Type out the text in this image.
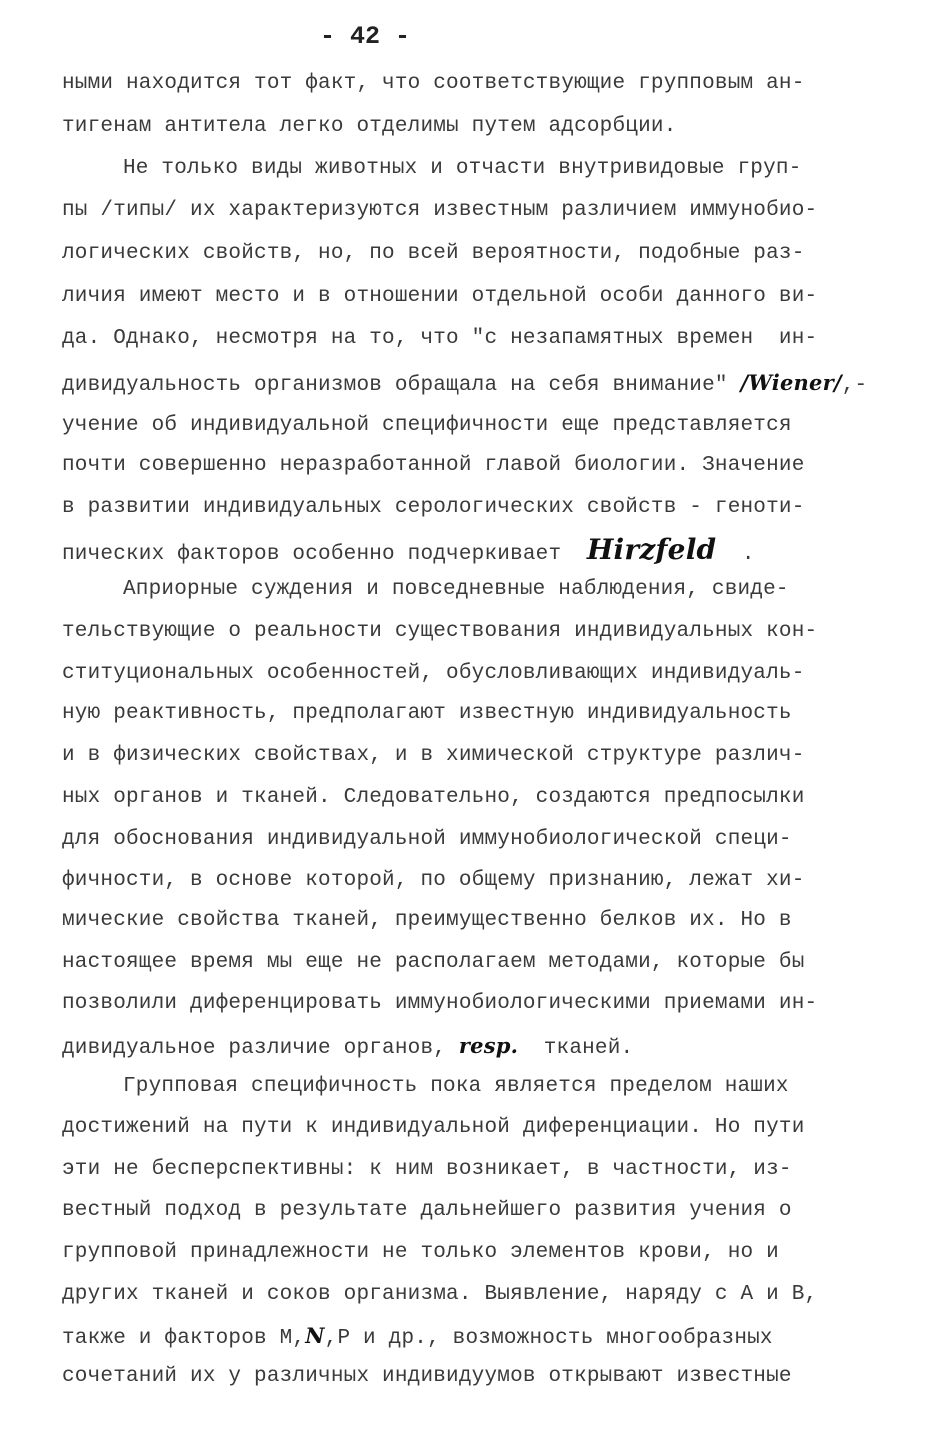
- 42 -
ными находится тот факт, что соответствующие групповым ан-
тигенам антитела легко отделимы путем адсорбции.
Не только виды животных и отчасти внутривидовые груп-
пы /типы/ их характеризуются известным различием иммунобио-
логических свойств, но, по всей вероятности, подобные раз-
личия имеют место и в отношении отдельной особи данного ви-
да. Однако, несмотря на то, что "с незапамятных времен  ин-
дивидуальность организмов обращала на себя внимание" /Wiener/,-
учение об индивидуальной специфичности еще представляется
почти совершенно неразработанной главой биологии. Значение
в развитии индивидуальных серологических свойств - геноти-
пических факторов особенно подчеркивает  Hirzfeld  .
Априорные суждения и повседневные наблюдения, свиде-
тельствующие о реальности существования индивидуальных кон-
ституциональных особенностей, обусловливающих индивидуаль-
ную реактивность, предполагают известную индивидуальность
и в физических свойствах, и в химической структуре различ-
ных органов и тканей. Следовательно, создаются предпосылки
для обоснования индивидуальной иммунобиологической специ-
фичности, в основе которой, по общему признанию, лежат хи-
мические свойства тканей, преимущественно белков их. Но в
настоящее время мы еще не располагаем методами, которые бы
позволили диференцировать иммунобиологическими приемами ин-
дивидуальное различие органов, resp.  тканей.
Групповая специфичность пока является пределом наших
достижений на пути к индивидуальной диференциации. Но пути
эти не бесперспективны: к ним возникает, в частности, из-
вестный подход в результате дальнейшего развития учения о
групповой принадлежности не только элементов крови, но и
других тканей и соков организма. Выявление, наряду с А и В,
также и факторов М,N,Р и др., возможность многообразных
сочетаний их у различных индивидуумов открывают известные
